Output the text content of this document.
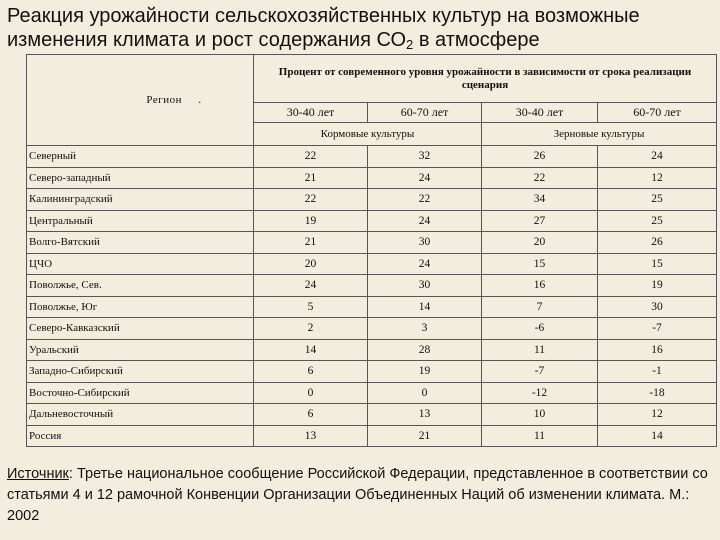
Реакция урожайности сельскохозяйственных культур на возможные
изменения климата и рост содержания $СО_2$ в атмосфере
Регион .	Процент от современного уровня урожайности в зависимости от срока реализации сценария			
	30-40 лет	60-70 лет	30-40 лет	60-70 лет
	Кормовые культуры		Зерновые культуры	
Северный	22	32	26	24
Северо-западный	21	24	22	12
Калининградский	22	22	34	25
Центральный	19	24	27	25
Волго-Вятский	21	30	20	26
ЦЧО	20	24	15	15
Поволжье, Сев.	24	30	16	19
Поволжье, Юг	5	14	7	30
Северо-Кавказский	2	3	-6	-7
Уральский	14	28	11	16
Западно-Сибирский	6	19	-7	-1
Восточно-Сибирский	0	0	-12	-18
Дальневосточный	6	13	10	12
Россия	13	21	11	14

Источник: Третье национальное сообщение Российской Федерации, представленное в соответствии со статьями 4 и 12 рамочной Конвенции Организации Объединенных Наций об изменении климата. М.: 2002
